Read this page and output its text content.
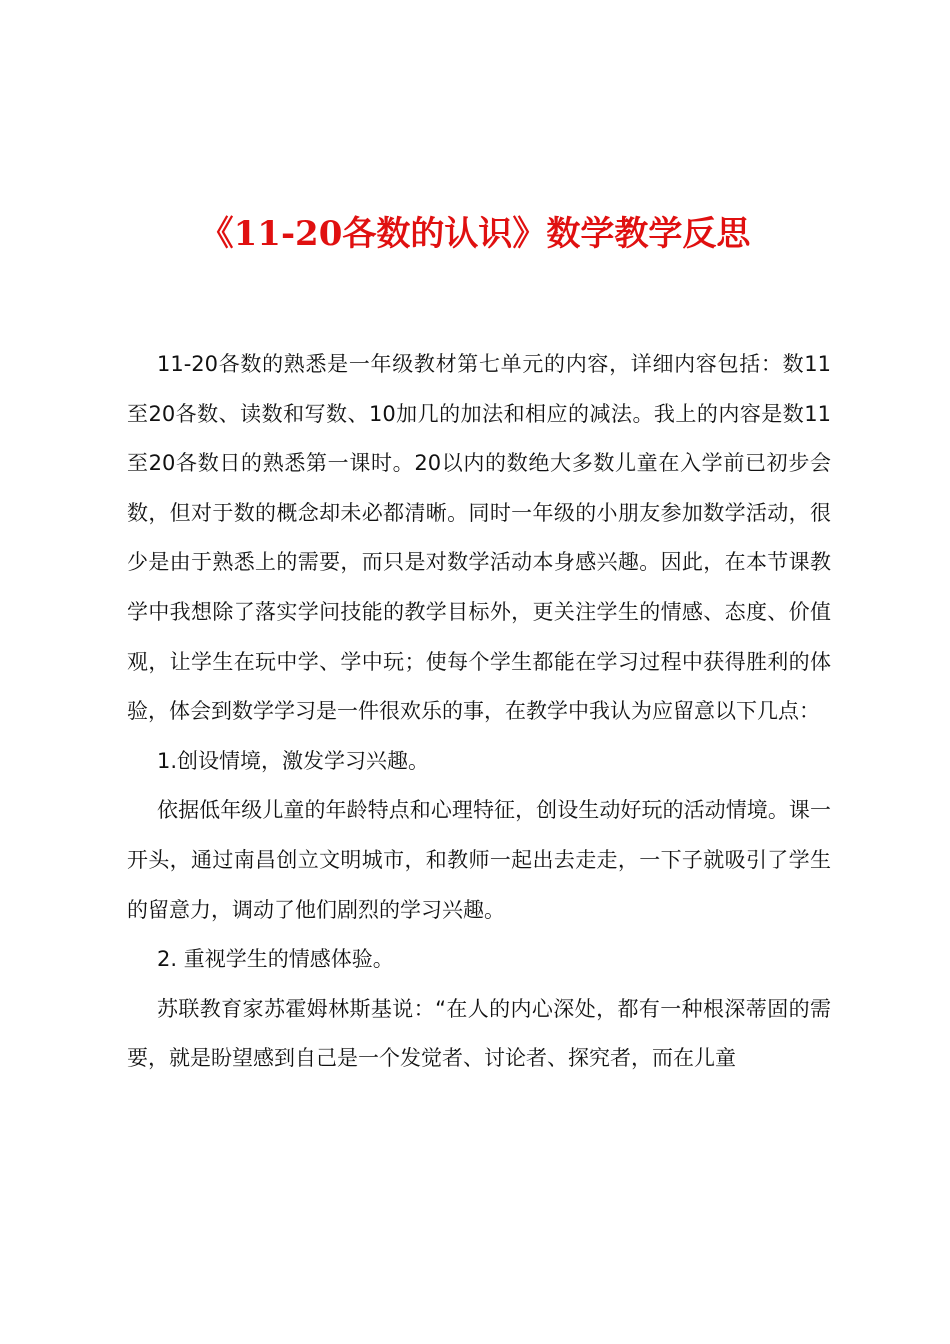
《11-20各数的认识》数学教学反思

11-20各数的熟悉是一年级教材第七单元的内容，详细内容包括：数11至20各数、读数和写数、10加几的加法和相应的减法。我上的内容是数11至20各数日的熟悉第一课时。20以内的数绝大多数儿童在入学前已初步会数，但对于数的概念却未必都清晰。同时一年级的小朋友参加数学活动，很少是由于熟悉上的需要，而只是对数学活动本身感兴趣。因此，在本节课教学中我想除了落实学问技能的教学目标外，更关注学生的情感、态度、价值观，让学生在玩中学、学中玩；使每个学生都能在学习过程中获得胜利的体验，体会到数学学习是一件很欢乐的事，在教学中我认为应留意以下几点：

1.创设情境，激发学习兴趣。

依据低年级儿童的年龄特点和心理特征，创设生动好玩的活动情境。课一开头，通过南昌创立文明城市，和教师一起出去走走，一下子就吸引了学生的留意力，调动了他们剧烈的学习兴趣。

2. 重视学生的情感体验。

苏联教育家苏霍姆林斯基说：“在人的内心深处，都有一种根深蒂固的需要，就是盼望感到自己是一个发觉者、讨论者、探究者，而在儿童
